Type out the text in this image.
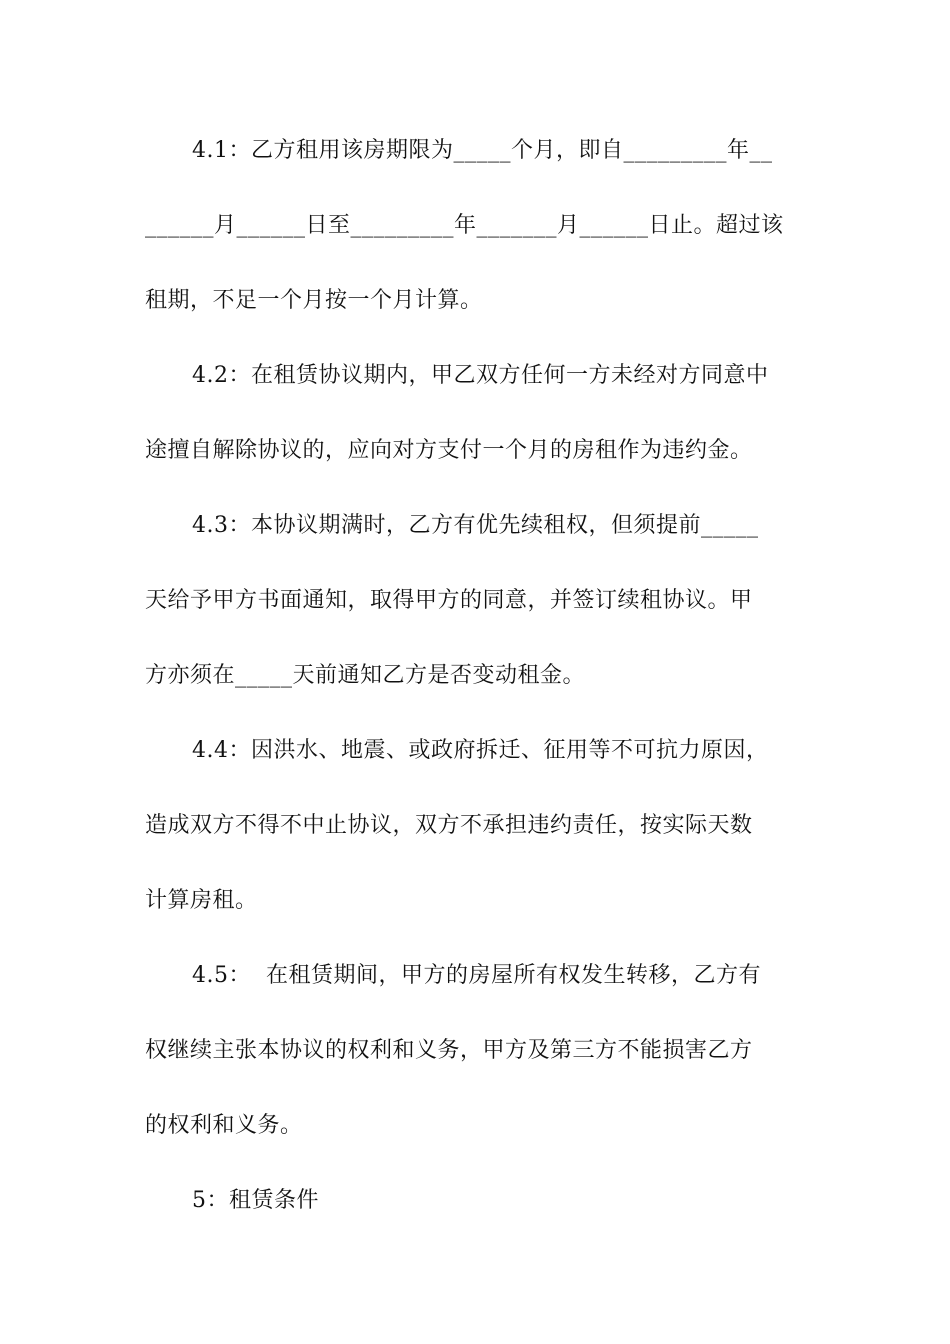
4.1：乙方租用该房期限为_____个月，即自_________年__
______月______日至_________年_______月______日止。超过该
租期，不足一个月按一个月计算。
4.2：在租赁协议期内，甲乙双方任何一方未经对方同意中
途擅自解除协议的，应向对方支付一个月的房租作为违约金。
4.3：本协议期满时，乙方有优先续租权，但须提前_____
天给予甲方书面通知，取得甲方的同意，并签订续租协议。甲
方亦须在_____天前通知乙方是否变动租金。
4.4：因洪水、地震、或政府拆迁、征用等不可抗力原因，
造成双方不得不中止协议，双方不承担违约责任，按实际天数
计算房租。
4.5：  在租赁期间，甲方的房屋所有权发生转移，乙方有
权继续主张本协议的权利和义务，甲方及第三方不能损害乙方
的权利和义务。
5：租赁条件
